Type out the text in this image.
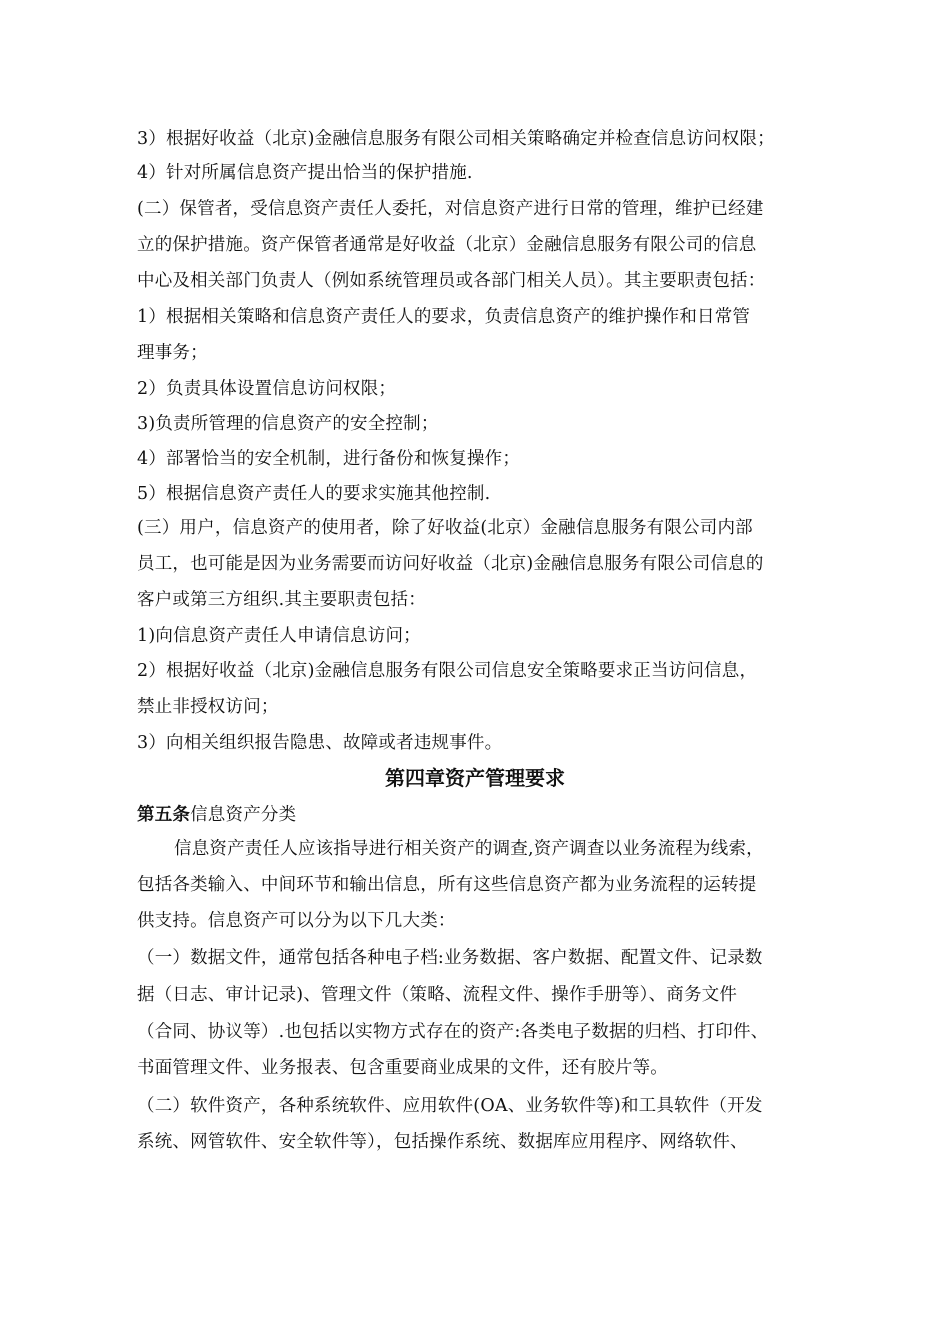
3）根据好收益（北京)金融信息服务有限公司相关策略确定并检查信息访问权限；
4）针对所属信息资产提出恰当的保护措施.
(二）保管者，受信息资产责任人委托，对信息资产进行日常的管理，维护已经建
立的保护措施。资产保管者通常是好收益（北京）金融信息服务有限公司的信息
中心及相关部门负责人（例如系统管理员或各部门相关人员）。其主要职责包括：
1）根据相关策略和信息资产责任人的要求，负责信息资产的维护操作和日常管
理事务；
2）负责具体设置信息访问权限；
3)负责所管理的信息资产的安全控制；
4）部署恰当的安全机制，进行备份和恢复操作；
5）根据信息资产责任人的要求实施其他控制.
(三）用户，信息资产的使用者，除了好收益(北京）金融信息服务有限公司内部
员工，也可能是因为业务需要而访问好收益（北京)金融信息服务有限公司信息的
客户或第三方组织.其主要职责包括：
1)向信息资产责任人申请信息访问；
2）根据好收益（北京)金融信息服务有限公司信息安全策略要求正当访问信息，
禁止非授权访问；
3）向相关组织报告隐患、故障或者违规事件。
第四章资产管理要求
第五条信息资产分类
信息资产责任人应该指导进行相关资产的调查,资产调查以业务流程为线索，
包括各类输入、中间环节和输出信息，所有这些信息资产都为业务流程的运转提
供支持。信息资产可以分为以下几大类：
（一）数据文件，通常包括各种电子档:业务数据、客户数据、配置文件、记录数
据（日志、审计记录)、管理文件（策略、流程文件、操作手册等）、商务文件
（合同、协议等）.也包括以实物方式存在的资产:各类电子数据的归档、打印件、
书面管理文件、业务报表、包含重要商业成果的文件，还有胶片等。
（二）软件资产，各种系统软件、应用软件(OA、业务软件等)和工具软件（开发
系统、网管软件、安全软件等），包括操作系统、数据库应用程序、网络软件、
